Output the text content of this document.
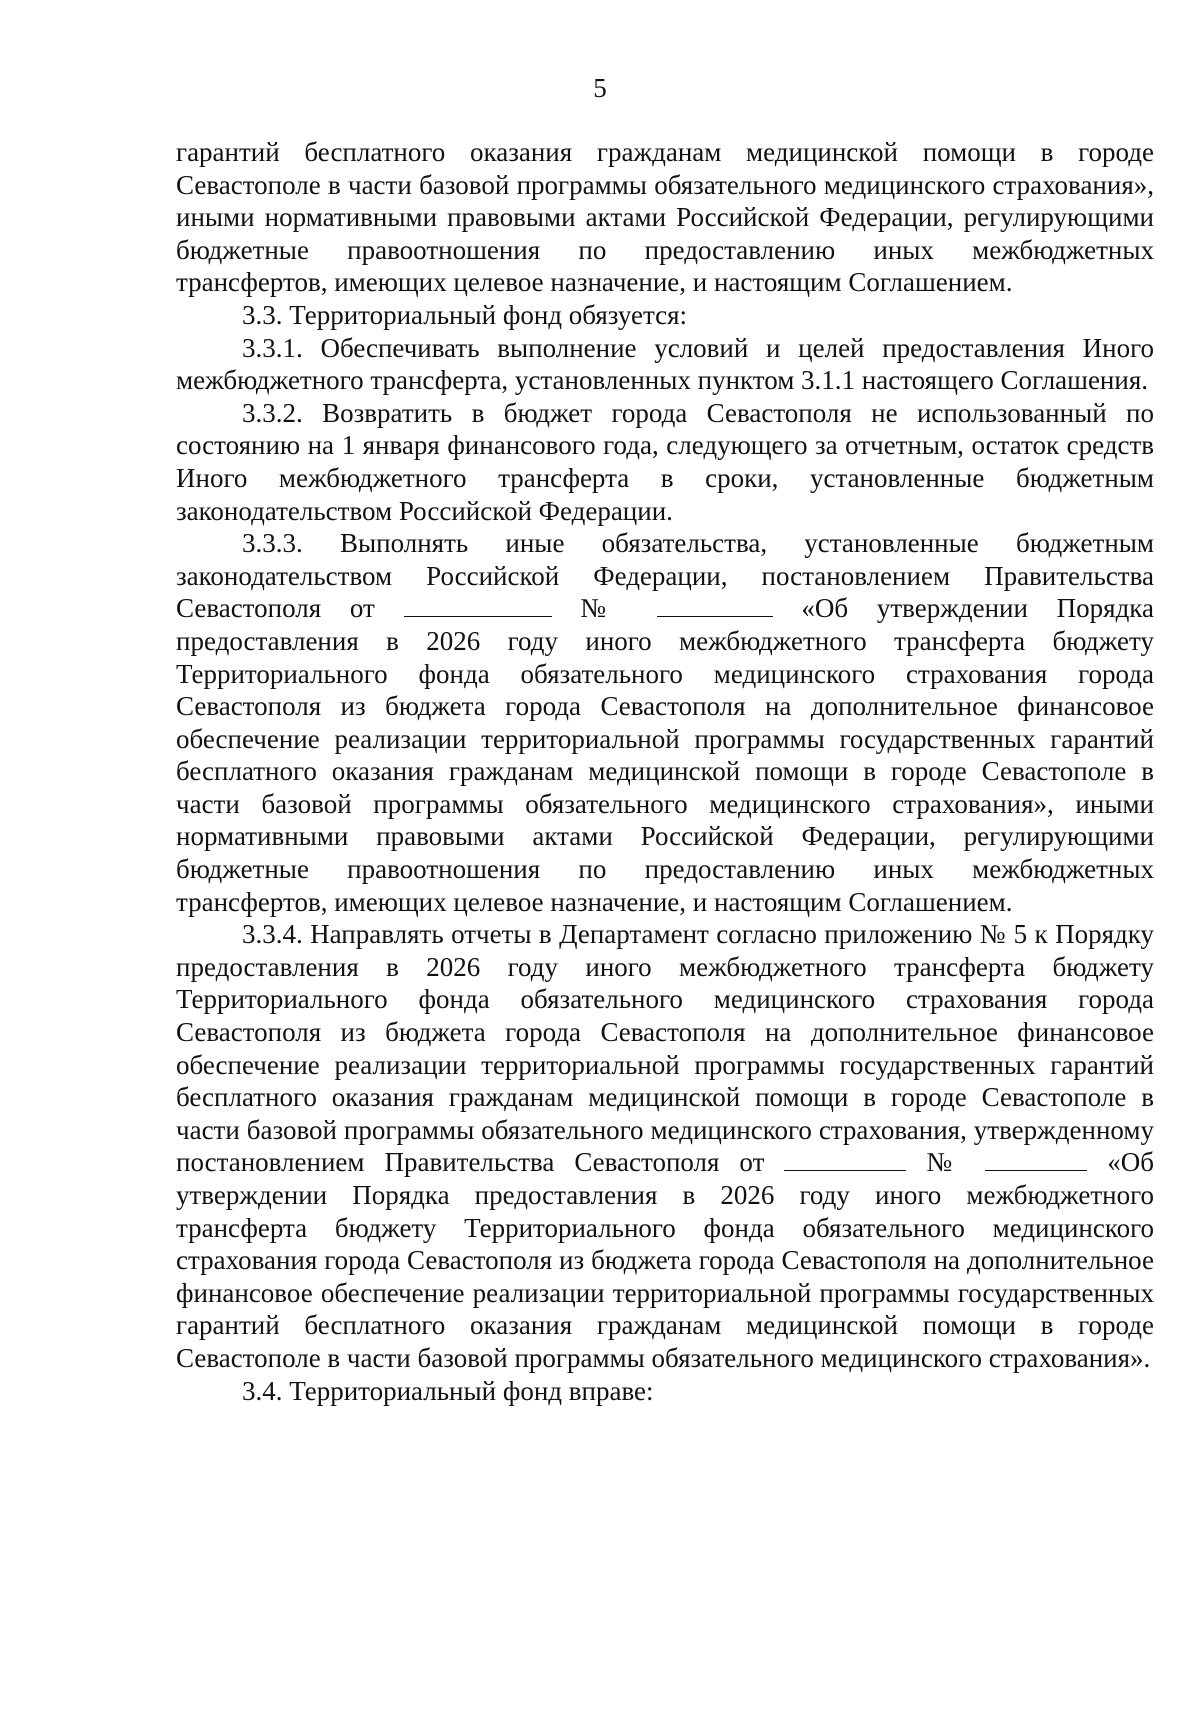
5

гарантий бесплатного оказания гражданам медицинской помощи в городе Севастополе в части базовой программы обязательного медицинского страхования», иными нормативными правовыми актами Российской Федерации, регулирующими бюджетные правоотношения по предоставлению иных межбюджетных трансфертов, имеющих целевое назначение, и настоящим Соглашением.

3.3. Территориальный фонд обязуется:

3.3.1. Обеспечивать выполнение условий и целей предоставления Иного межбюджетного трансферта, установленных пунктом 3.1.1 настоящего Соглашения.

3.3.2. Возвратить в бюджет города Севастополя не использованный по состоянию на 1 января финансового года, следующего за отчетным, остаток средств Иного межбюджетного трансферта в сроки, установленные бюджетным законодательством Российской Федерации.

3.3.3. Выполнять иные обязательства, установленные бюджетным законодательством Российской Федерации, постановлением Правительства Севастополя от	№	«Об утверждении Порядка предоставления в 2026 году иного межбюджетного трансферта бюджету Территориального фонда обязательного медицинского страхования города Севастополя из бюджета города Севастополя на дополнительное финансовое обеспечение реализации территориальной программы государственных гарантий бесплатного оказания гражданам медицинской помощи в городе Севастополе в части базовой программы обязательного медицинского страхования», иными нормативными правовыми актами Российской Федерации, регулирующими бюджетные правоотношения по предоставлению иных межбюджетных трансфертов, имеющих целевое назначение, и настоящим Соглашением.

3.3.4. Направлять отчеты в Департамент согласно приложению № 5 к Порядку предоставления в 2026 году иного межбюджетного трансферта бюджету Территориального фонда обязательного медицинского страхования города Севастополя из бюджета города Севастополя на дополнительное финансовое обеспечение реализации территориальной программы государственных гарантий бесплатного оказания гражданам медицинской помощи в городе Севастополе в части базовой программы обязательного медицинского страхования, утвержденному постановлением Правительства Севастополя от	№	«Об утверждении Порядка предоставления в 2026 году иного межбюджетного трансферта бюджету Территориального фонда обязательного медицинского страхования города Севастополя из бюджета города Севастополя на дополнительное финансовое обеспечение реализации территориальной программы государственных гарантий бесплатного оказания гражданам медицинской помощи в городе Севастополе в части базовой программы обязательного медицинского страхования».

3.4. Территориальный фонд вправе:
